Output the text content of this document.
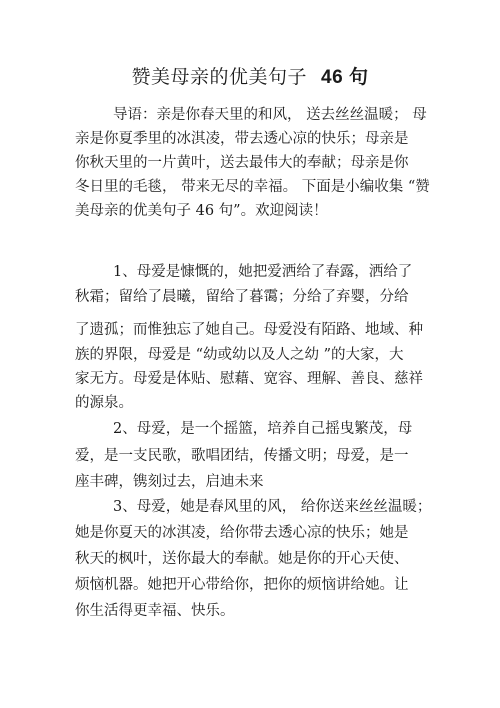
赞美母亲的优美句子 46 句
导语：亲是你春天里的和风， 送去丝丝温暖； 母
亲是你夏季里的冰淇凌，带去透心凉的快乐；母亲是
你秋天里的一片黄叶，送去最伟大的奉献；母亲是你
冬日里的毛毯， 带来无尽的幸福。 下面是小编收集 “赞
美母亲的优美句子 46 句”。欢迎阅读！
1、母爱是慷慨的，她把爱洒给了春露，洒给了
秋霜；留给了晨曦，留给了暮霭；分给了弃婴，分给
了遗孤；而惟独忘了她自己。母爱没有陌路、地域、种
族的界限，母爱是 “幼或幼以及人之幼 ”的大家，大
家无方。母爱是体贴、慰藉、宽容、理解、善良、慈祥
的源泉。
2、母爱，是一个摇篮，培养自己摇曳繁茂，母
爱，是一支民歌，歌唱团结，传播文明；母爱，是一
座丰碑，镌刻过去，启迪未来
3、母爱，她是春风里的风， 给你送来丝丝温暖；
她是你夏天的冰淇凌，给你带去透心凉的快乐；她是
秋天的枫叶，送你最大的奉献。她是你的开心天使、
烦恼机器。她把开心带给你，把你的烦恼讲给她。让
你生活得更幸福、快乐。
